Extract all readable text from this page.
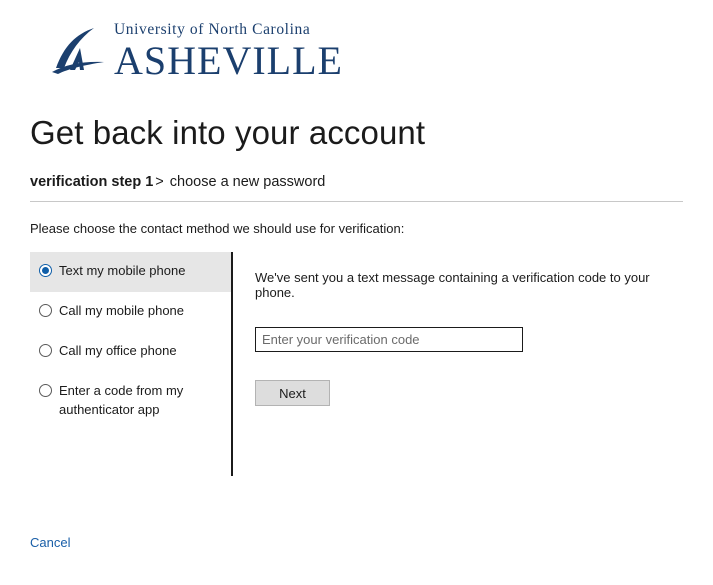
University of North Carolina
ASHEVILLE
Get back into your account
verification step 1 > choose a new password
Please choose the contact method we should use for verification:
Text my mobile phone
Call my mobile phone
Call my office phone
Enter a code from my authenticator app

We've sent you a text message containing a verification code to your phone.

Enter your verification code
Next
Cancel
